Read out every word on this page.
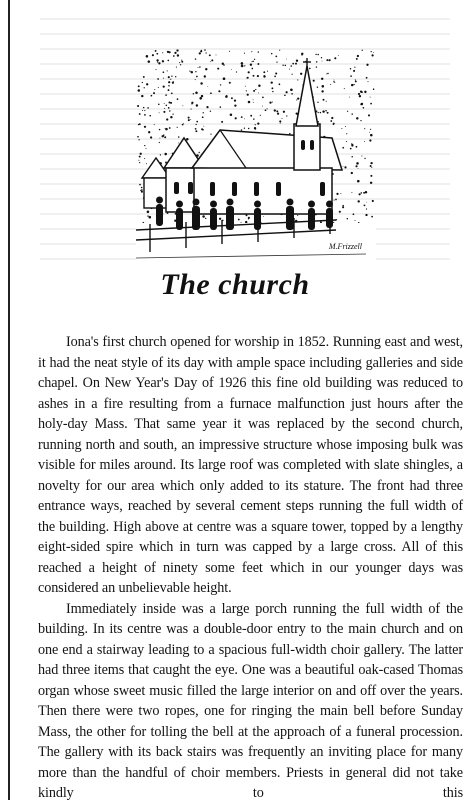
M.Frizzell
The church

Iona's first church opened for worship in 1852. Running east and west, it had the neat style of its day with ample space including galleries and side chapel. On New Year's Day of 1926 this fine old building was reduced to ashes in a fire resulting from a furnace malfunction just hours after the holy-day Mass. That same year it was replaced by the second church, running north and south, an impressive structure whose imposing bulk was visible for miles around. Its large roof was completed with slate shingles, a novelty for our area which only added to its stature. The front had three entrance ways, reached by several cement steps running the full width of the building. High above at centre was a square tower, topped by a lengthy eight-sided spire which in turn was capped by a large cross. All of this reached a height of ninety some feet which in our younger days was considered an unbelievable height.

Immediately inside was a large porch running the full width of the building. In its centre was a double-door entry to the main church and on one end a stairway leading to a spacious full-width choir gallery. The latter had three items that caught the eye. One was a beautiful oak-cased Thomas organ whose sweet music filled the large interior on and off over the years. Then there were two ropes, one for ringing the main bell before Sunday Mass, the other for tolling the bell at the approach of a funeral procession. The gallery with its back stairs was frequently an inviting place for many more than the handful of choir members. Priests in general did not take kindly to this
